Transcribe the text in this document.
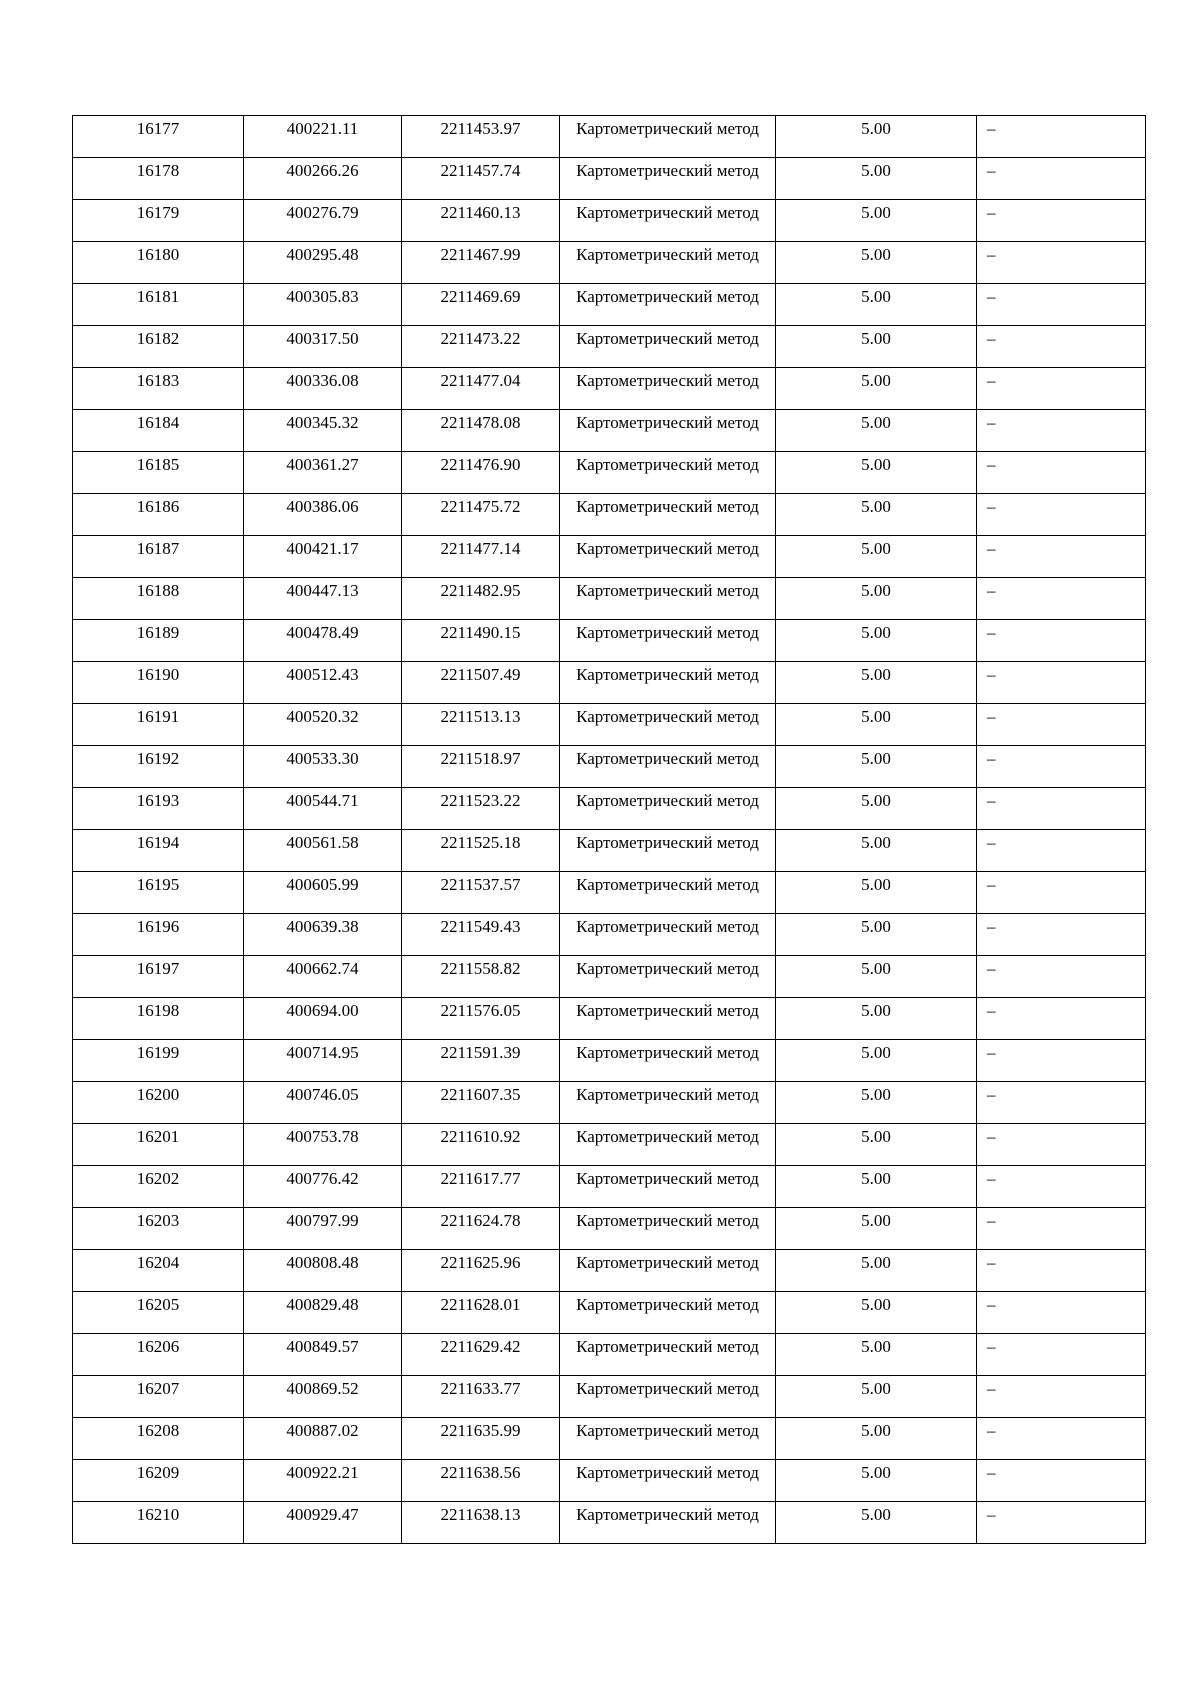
16177	400221.11	2211453.97	Картометрический метод	5.00	–
16178	400266.26	2211457.74	Картометрический метод	5.00	–
16179	400276.79	2211460.13	Картометрический метод	5.00	–
16180	400295.48	2211467.99	Картометрический метод	5.00	–
16181	400305.83	2211469.69	Картометрический метод	5.00	–
16182	400317.50	2211473.22	Картометрический метод	5.00	–
16183	400336.08	2211477.04	Картометрический метод	5.00	–
16184	400345.32	2211478.08	Картометрический метод	5.00	–
16185	400361.27	2211476.90	Картометрический метод	5.00	–
16186	400386.06	2211475.72	Картометрический метод	5.00	–
16187	400421.17	2211477.14	Картометрический метод	5.00	–
16188	400447.13	2211482.95	Картометрический метод	5.00	–
16189	400478.49	2211490.15	Картометрический метод	5.00	–
16190	400512.43	2211507.49	Картометрический метод	5.00	–
16191	400520.32	2211513.13	Картометрический метод	5.00	–
16192	400533.30	2211518.97	Картометрический метод	5.00	–
16193	400544.71	2211523.22	Картометрический метод	5.00	–
16194	400561.58	2211525.18	Картометрический метод	5.00	–
16195	400605.99	2211537.57	Картометрический метод	5.00	–
16196	400639.38	2211549.43	Картометрический метод	5.00	–
16197	400662.74	2211558.82	Картометрический метод	5.00	–
16198	400694.00	2211576.05	Картометрический метод	5.00	–
16199	400714.95	2211591.39	Картометрический метод	5.00	–
16200	400746.05	2211607.35	Картометрический метод	5.00	–
16201	400753.78	2211610.92	Картометрический метод	5.00	–
16202	400776.42	2211617.77	Картометрический метод	5.00	–
16203	400797.99	2211624.78	Картометрический метод	5.00	–
16204	400808.48	2211625.96	Картометрический метод	5.00	–
16205	400829.48	2211628.01	Картометрический метод	5.00	–
16206	400849.57	2211629.42	Картометрический метод	5.00	–
16207	400869.52	2211633.77	Картометрический метод	5.00	–
16208	400887.02	2211635.99	Картометрический метод	5.00	–
16209	400922.21	2211638.56	Картометрический метод	5.00	–
16210	400929.47	2211638.13	Картометрический метод	5.00	–
